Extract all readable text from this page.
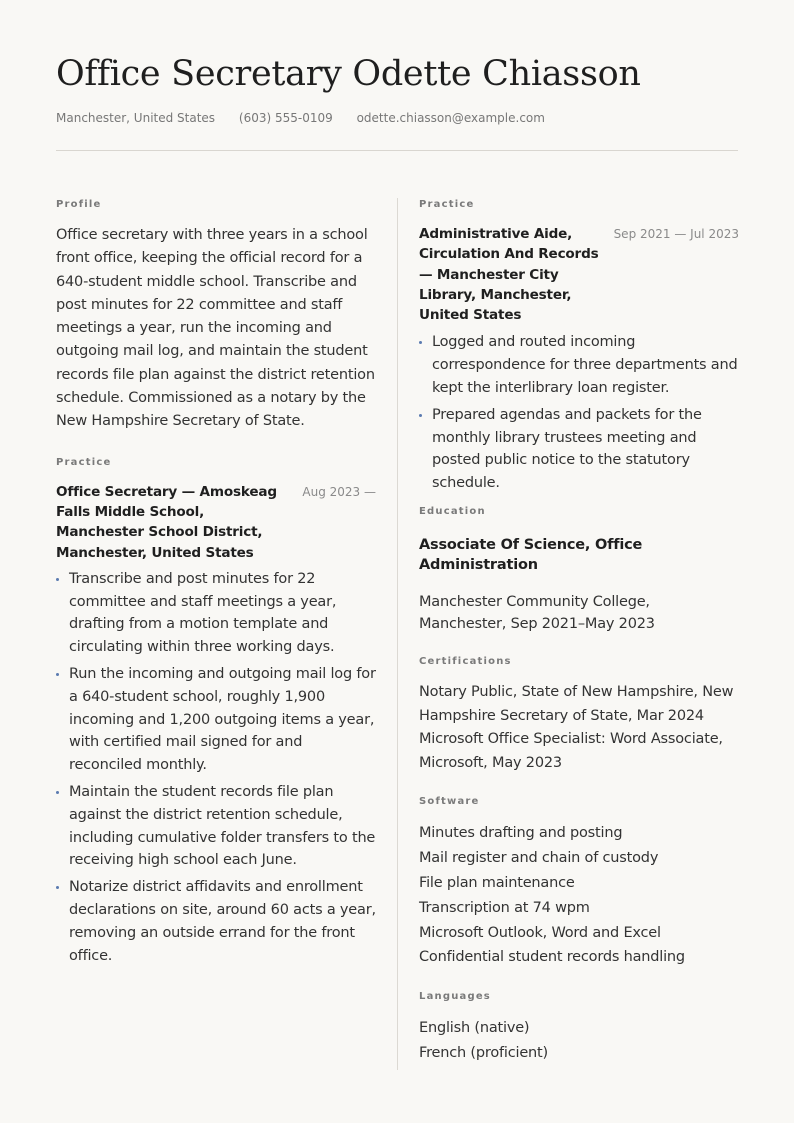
Office Secretary Odette Chiasson
Manchester, United States (603) 555-0109 odette.chiasson@example.com
Profile

Office secretary with three years in a school front office, keeping the official record for a 640-student middle school. Transcribe and post minutes for 22 committee and staff meetings a year, run the incoming and outgoing mail log, and maintain the student records file plan against the district retention schedule. Commissioned as a notary by the New Hampshire Secretary of State.

Practice

Office Secretary — Amoskeag Falls Middle School, Manchester School District, Manchester, United States

Aug 2023 —
Transcribe and post minutes for 22 committee and staff meetings a year, drafting from a motion template and circulating within three working days.
Run the incoming and outgoing mail log for a 640-student school, roughly 1,900 incoming and 1,200 outgoing items a year, with certified mail signed for and reconciled monthly.
Maintain the student records file plan against the district retention schedule, including cumulative folder transfers to the receiving high school each June.
Notarize district affidavits and enrollment declarations on site, around 60 acts a year, removing an outside errand for the front office.
Practice

Administrative Aide, Circulation And Records — Manchester City Library, Manchester, United States

Sep 2021 — Jul 2023
Logged and routed incoming correspondence for three departments and kept the interlibrary loan register.
Prepared agendas and packets for the monthly library trustees meeting and posted public notice to the statutory schedule.
Education

Associate Of Science, Office Administration

Manchester Community College, Manchester, Sep 2021–May 2023

Certifications
Notary Public, State of New Hampshire, New Hampshire Secretary of State, Mar 2024
Microsoft Office Specialist: Word Associate, Microsoft, May 2023
Software
Minutes drafting and posting
Mail register and chain of custody
File plan maintenance
Transcription at 74 wpm
Microsoft Outlook, Word and Excel
Confidential student records handling
Languages
English (native)
French (proficient)
